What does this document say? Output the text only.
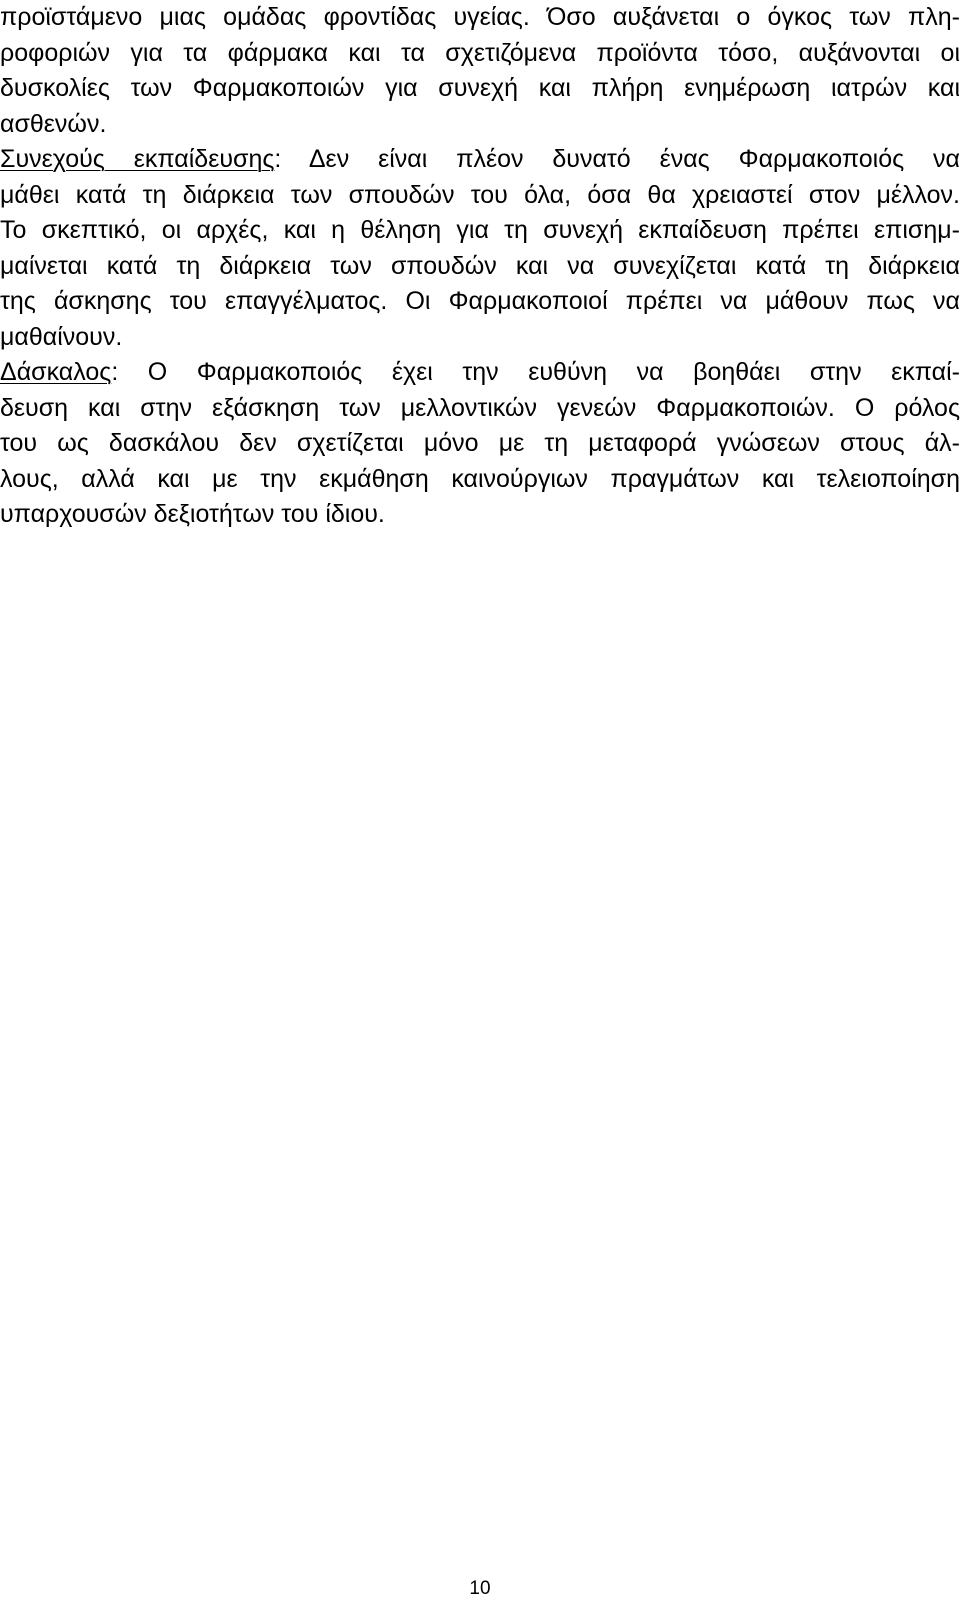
προϊστάμενο μιας ομάδας φροντίδας υγείας. Όσο αυξάνεται ο όγκος των πλη-
ροφοριών για τα φάρμακα και τα σχετιζόμενα προϊόντα τόσο, αυξάνονται οι
δυσκολίες των Φαρμακοποιών για συνεχή και πλήρη ενημέρωση ιατρών και
ασθενών.
Συνεχούς εκπαίδευσης: Δεν είναι πλέον δυνατό ένας Φαρμακοποιός να
μάθει κατά τη διάρκεια των σπουδών του όλα, όσα θα χρειαστεί στον μέλλον.
Το σκεπτικό, οι αρχές, και η θέληση για τη συνεχή εκπαίδευση πρέπει επισημ-
μαίνεται κατά τη διάρκεια των σπουδών και να συνεχίζεται κατά τη διάρκεια
της άσκησης του επαγγέλματος. Οι Φαρμακοποιοί πρέπει να μάθουν πως να
μαθαίνουν.
Δάσκαλος: Ο Φαρμακοποιός έχει την ευθύνη να βοηθάει στην εκπαί-
δευση και στην εξάσκηση των μελλοντικών γενεών Φαρμακοποιών. Ο ρόλος
του ως δασκάλου δεν σχετίζεται μόνο με τη μεταφορά γνώσεων στους άλ-
λους, αλλά και με την εκμάθηση καινούργιων πραγμάτων και τελειοποίηση
υπαρχουσών δεξιοτήτων του ίδιου.
10
